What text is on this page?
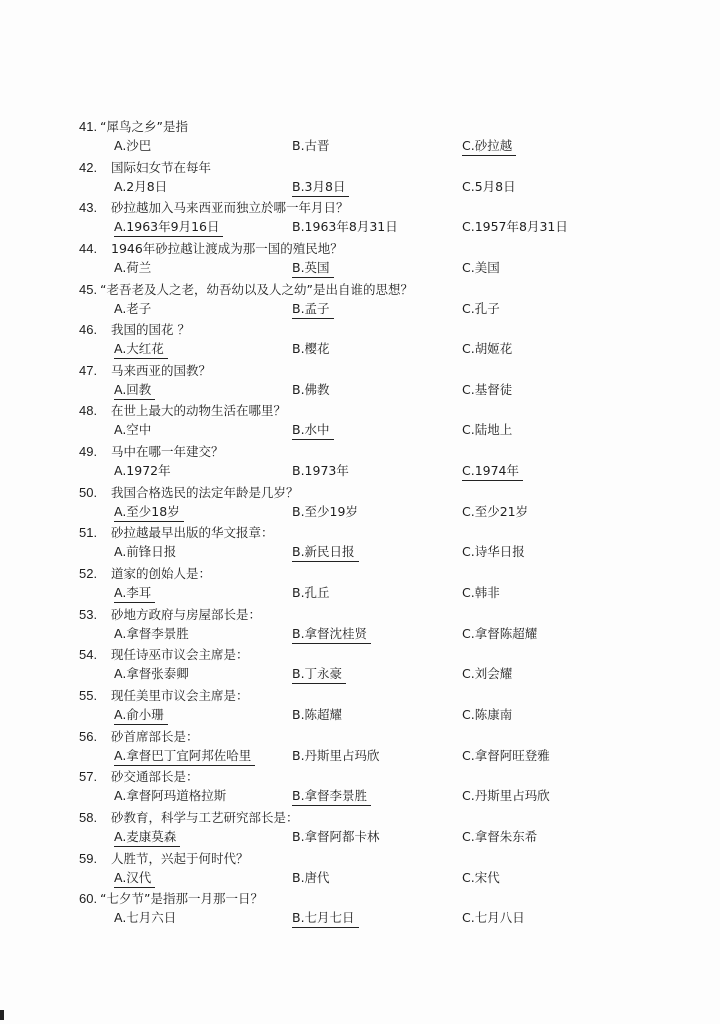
41. “犀鸟之乡”是指
A.沙巴	B.古晋	C.砂拉越
42.	国际妇女节在每年
A.2月8日	B.3月8日	C.5月8日
43.	砂拉越加入马来西亚而独立於哪一年月日？
A.1963年9月16日	B.1963年8月31日	C.1957年8月31日
44.	1946年砂拉越让渡成为那一国的殖民地？
A.荷兰	B.英国	C.美国
45. “老吾老及人之老，幼吾幼以及人之幼”是出自谁的思想？
A.老子	B.孟子	C.孔子
46.	我国的国花 ？
A.大红花	B.樱花	C.胡姬花
47.	马来西亚的国教？
A.回教	B.佛教	C.基督徒
48.	在世上最大的动物生活在哪里？
A.空中	B.水中	C.陆地上
49.	马中在哪一年建交？
A.1972年	B.1973年	C.1974年
50.	我国合格选民的法定年龄是几岁？
A.至少18岁	B.至少19岁	C.至少21岁
51.	砂拉越最早出版的华文报章：
A.前锋日报	B.新民日报	C.诗华日报
52.	道家的创始人是：
A.李耳	B.孔丘	C.韩非
53.	砂地方政府与房屋部长是：
A.拿督李景胜	B.拿督沈桂贤	C.拿督陈超耀
54.	现任诗巫市议会主席是：
A.拿督张泰卿	B.丁永豪	C.刘会耀
55.	现任美里市议会主席是：
A.俞小珊	B.陈超耀	C.陈康南
56.	砂首席部长是：
A.拿督巴丁宜阿邦佐哈里	B.丹斯里占玛欣	C.拿督阿旺登雅
57.	砂交通部长是：
A.拿督阿玛道格拉斯	B.拿督李景胜	C.丹斯里占玛欣
58.	砂教育，科学与工艺研究部长是：
A.麦康莫森	B.拿督阿都卡林	C.拿督朱东希
59.	人胜节，兴起于何时代？
A.汉代	B.唐代	C.宋代
60. “七夕节”是指那一月那一日？
A.七月六日	B.七月七日	C.七月八日
